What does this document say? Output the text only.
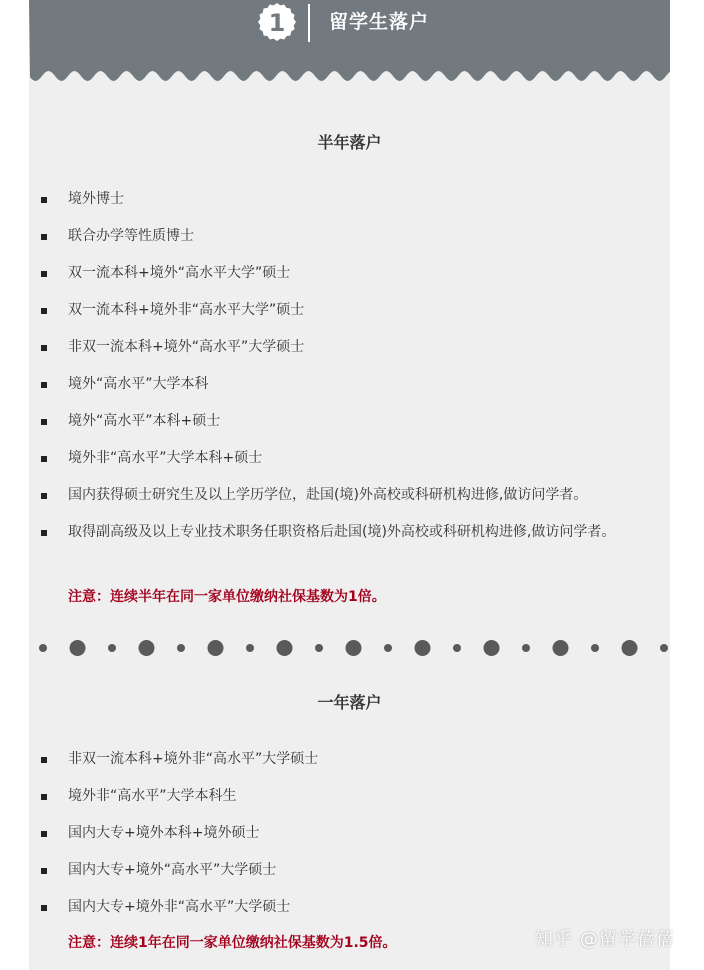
1 留学生落户
半年落户
境外博士
联合办学等性质博士
双一流本科+境外“高水平大学”硕士
双一流本科+境外非“高水平大学”硕士
非双一流本科+境外“高水平”大学硕士
境外“高水平”大学本科
境外“高水平”本科+硕士
境外非“高水平”大学本科+硕士
国内获得硕士研究生及以上学历学位，赴国(境)外高校或科研机构进修,做访问学者。
取得副高级及以上专业技术职务任职资格后赴国(境)外高校或科研机构进修,做访问学者。
注意：连续半年在同一家单位缴纳社保基数为1倍。
一年落户
非双一流本科+境外非“高水平”大学硕士
境外非“高水平”大学本科生
国内大专+境外本科+境外硕士
国内大专+境外“高水平”大学硕士
国内大专+境外非“高水平”大学硕士
注意：连续1年在同一家单位缴纳社保基数为1.5倍。	知乎 @留学蓓蓓
